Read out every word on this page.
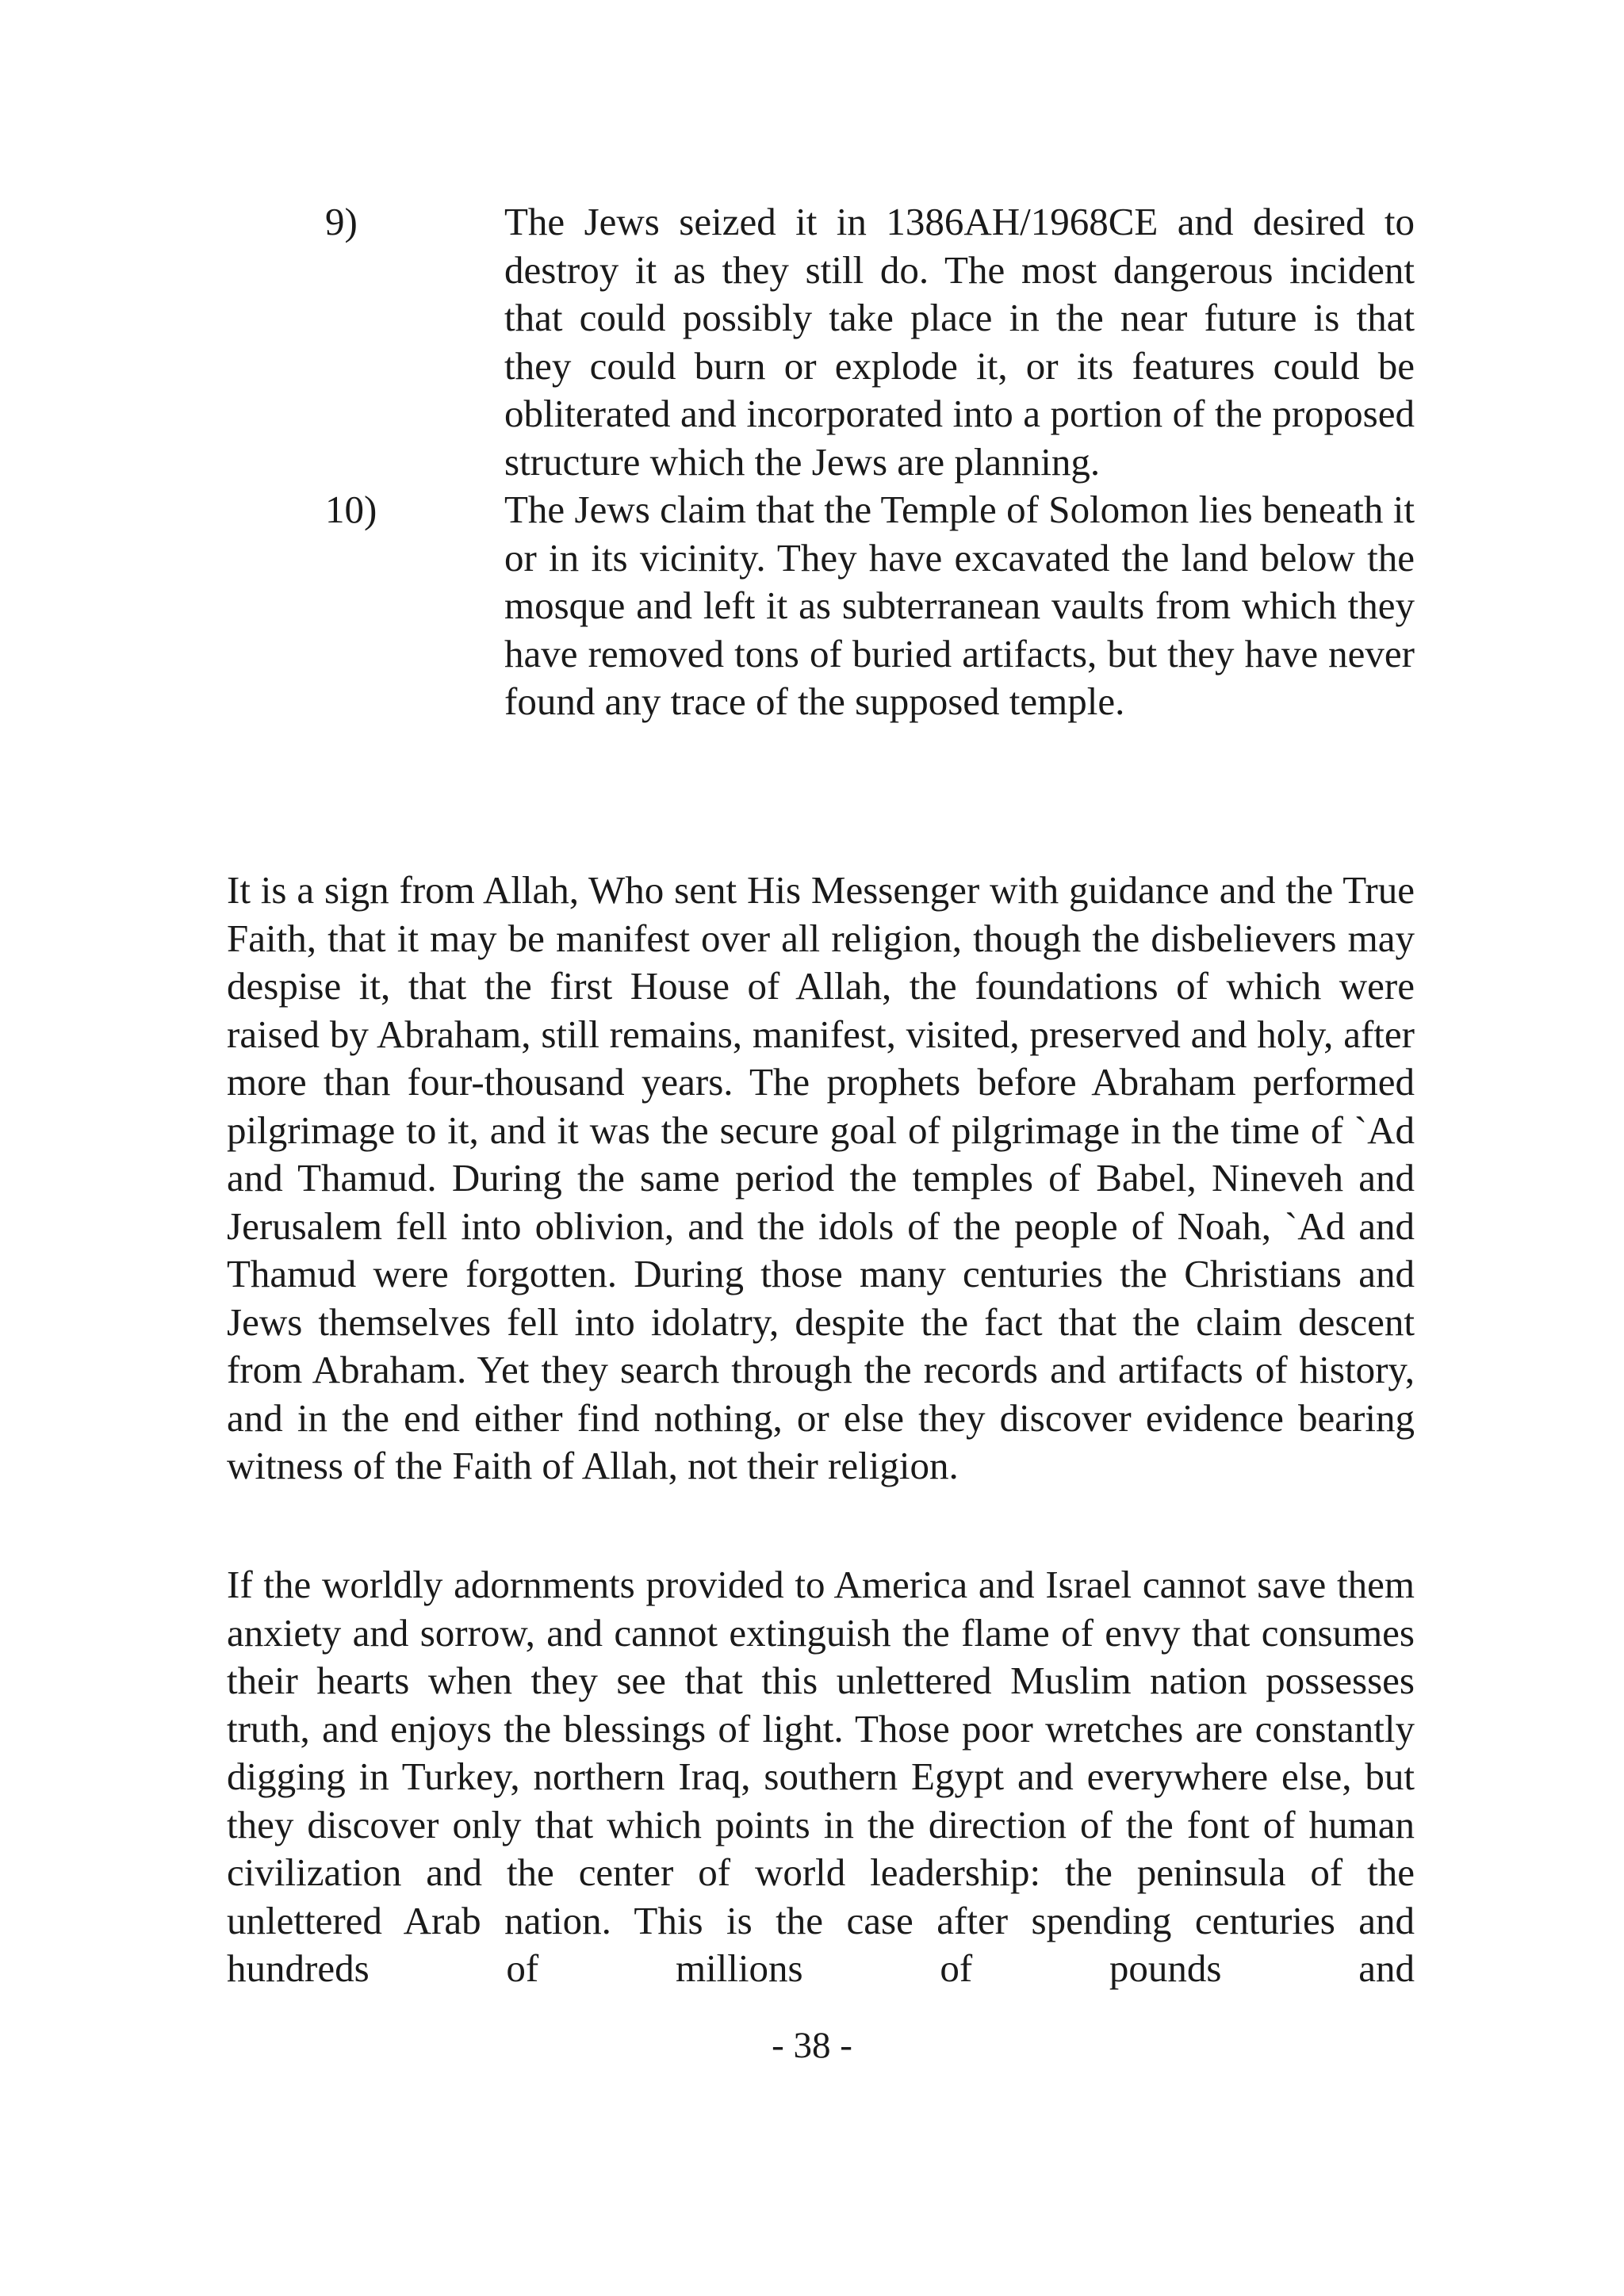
9)	The Jews seized it in 1386AH/1968CE and desired to destroy it as they still do. The most dangerous incident that could possibly take place in the near future is that they could burn or explode it, or its features could be obliterated and incorporated into a portion of the proposed structure which the Jews are planning.
10)	The Jews claim that the Temple of Solomon lies beneath it or in its vicinity. They have excavated the land below the mosque and left it as subterranean vaults from which they have removed tons of buried artifacts, but they have never found any trace of the supposed temple.

It is a sign from Allah, Who sent His Messenger with guidance and the True Faith, that it may be manifest over all religion, though the disbelievers may despise it, that the first House of Allah, the foundations of which were raised by Abraham, still remains, manifest, visited, preserved and holy, after more than four-thousand years. The prophets before Abraham performed pilgrimage to it, and it was the secure goal of pilgrimage in the time of `Ad and Thamud. During the same period the temples of Babel, Nineveh and Jerusalem fell into oblivion, and the idols of the people of Noah, `Ad and Thamud were forgotten. During those many centuries the Christians and Jews themselves fell into idolatry, despite the fact that the claim descent from Abraham. Yet they search through the records and artifacts of history, and in the end either find nothing, or else they discover evidence bearing witness of the Faith of Allah, not their religion.

If the worldly adornments provided to America and Israel cannot save them anxiety and sorrow, and cannot extinguish the flame of envy that consumes their hearts when they see that this unlettered Muslim nation possesses truth, and enjoys the blessings of light. Those poor wretches are constantly digging in Turkey, northern Iraq, southern Egypt and everywhere else, but they discover only that which points in the direction of the font of human civilization and the center of world leadership: the peninsula of the unlettered Arab nation. This is the case after spending centuries and hundreds of millions of pounds and

- 38 -
